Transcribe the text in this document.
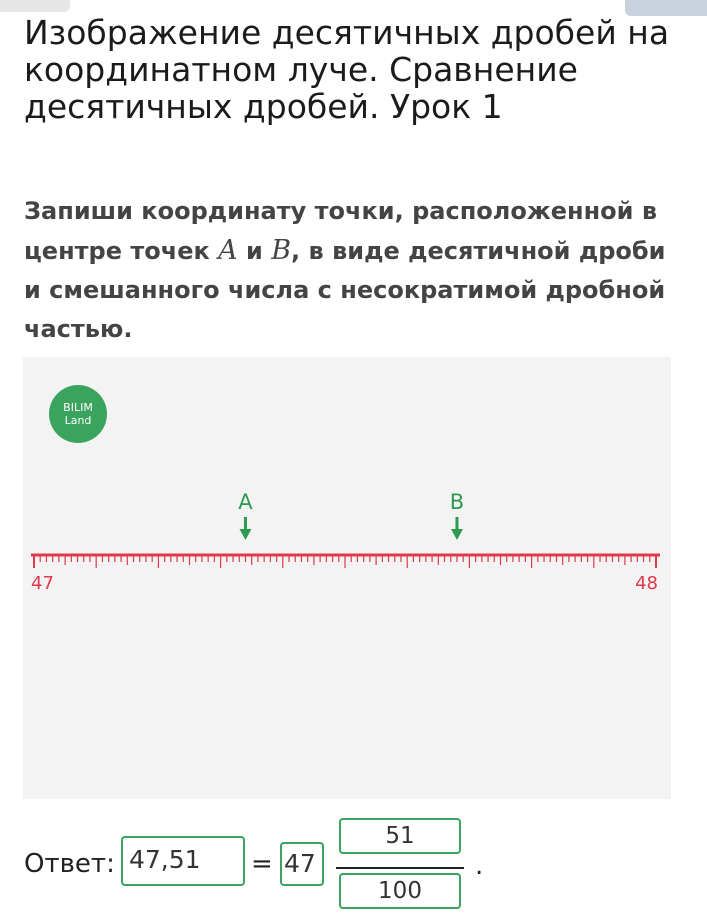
Изображение десятичных дробей на координатном луче. Сравнение десятичных дробей. Урок 1

Запиши координату точки, расположенной в центре точек A и B, в виде десятичной дроби и смешанного числа с несократимой дробной частью.

BILIM
Land
47	48
A	B
Ответ: 47,51	= 47
51
100
.
